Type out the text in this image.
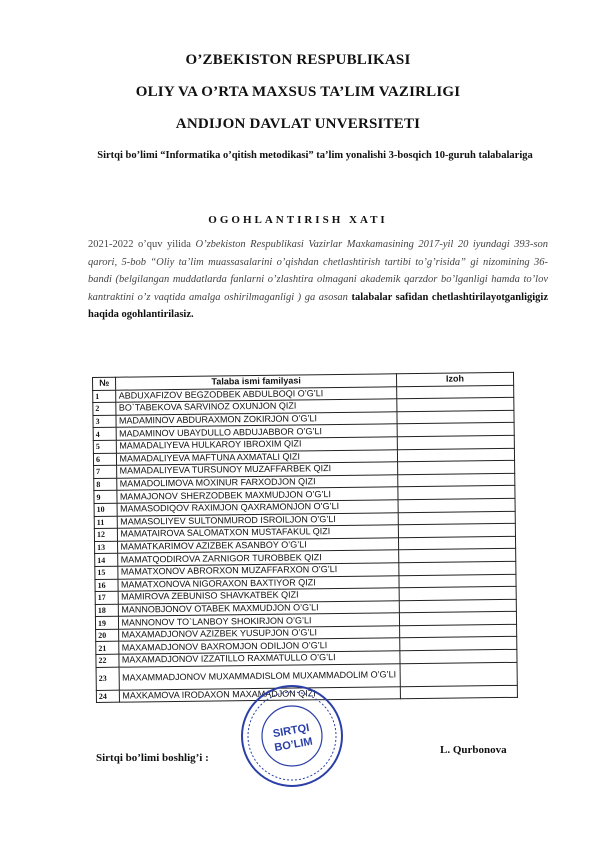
O’ZBEKISTON RESPUBLIKASI
OLIY VA O’RTA MAXSUS TA’LIM VAZIRLIGI
ANDIJON DAVLAT UNVERSITETI
Sirtqi bo’limi “Informatika o’qitish metodikasi” ta’lim yonalishi 3-bosqich 10-guruh talabalariga
OGOHLANTIRISH XATI
2021-2022 o’quv yilida O’zbekiston Respublikasi Vazirlar Maxkamasining 2017-yil 20 iyundagi 393-son qarori, 5-bob “Oliy ta’lim muassasalarini o’qishdan chetlashtirish tartibi to’g’risida” gi nizomining 36-bandi (belgilangan muddatlarda fanlarni o’zlashtira olmagani akademik qarzdor bo’lganligi hamda to’lov kantraktini o’z vaqtida amalga oshirilmaganligi ) ga asosan talabalar safidan chetlashtirilayotganligigiz haqida ogohlantirilasiz.
№	Talaba ismi familyasi	Izoh
1	ABDUXAFIZOV BEGZODBEK ABDULBOQI O’G’LI	
2	BO`TABEKOVA SARVINOZ OXUNJON QIZI	
3	MADAMINOV ABDURAXMON ZOKIRJON O’G’LI	
4	MADAMINOV UBAYDULLO ABDUJABBOR O’G’LI	
5	MAMADALIYEVA HULKAROY IBROXIM QIZI	
6	MAMADALIYEVA MAFTUNA AXMATALI QIZI	
7	MAMADALIYEVA TURSUNOY MUZAFFARBEK QIZI	
8	MAMADOLIMOVA MOXINUR FARXODJON QIZI	
9	MAMAJONOV SHERZODBEK MAXMUDJON O’G’LI	
10	MAMASODIQOV RAXIMJON QAXRAMONJON O’G’LI	
11	MAMASOLIYEV SULTONMUROD ISROILJON O’G’LI	
12	MAMATAIROVA SALOMATXON MUSTAFAKUL QIZI	
13	MAMATKARIMOV AZIZBEK ASANBOY O’G’LI	
14	MAMATQODIROVA ZARNIGOR TUROBBEK QIZI	
15	MAMATXONOV ABRORXON MUZAFFARXON O’G’LI	
16	MAMATXONOVA NIGORAXON BAXTIYOR QIZI	
17	MAMIROVA ZEBUNISO SHAVKATBEK QIZI	
18	MANNOBJONOV OTABEK MAXMUDJON O’G’LI	
19	MANNONOV TO`LANBOY SHOKIRJON O’G’LI	
20	MAXAMADJONOV AZIZBEK YUSUPJON O’G’LI	
21	MAXAMADJONOV BAXROMJON ODILJON O’G’LI	
22	MAXAMADJONOV IZZATILLO RAXMATULLO O’G’LI	
23	MAXAMMADJONOV MUXAMMADISLOM MUXAMMADOLIM O’G’LI	
24	MAXKAMOVA IRODAXON MAXAMADJON QIZI	
SIRTQI
BO’LIM
Sirtqi bo’limi boshlig’i :
L. Qurbonova
